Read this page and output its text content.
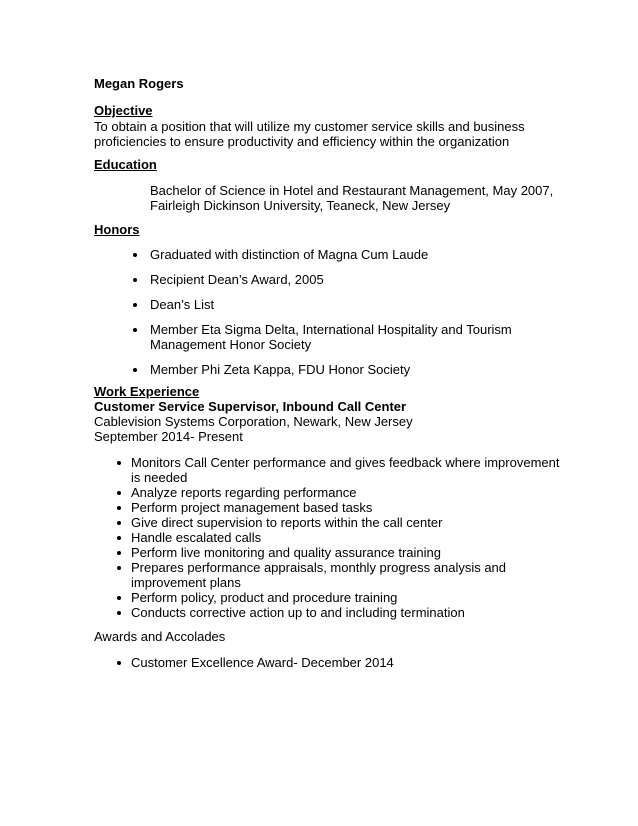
Megan Rogers
Objective
To obtain a position that will utilize my customer service skills and business
proficiencies to ensure productivity and efficiency within the organization
Education
Bachelor of Science in Hotel and Restaurant Management, May 2007,
Fairleigh Dickinson University, Teaneck, New Jersey
Honors
Graduated with distinction of Magna Cum Laude
Recipient Dean’s Award, 2005
Dean’s List
Member Eta Sigma Delta, International Hospitality and Tourism
Management Honor Society
Member Phi Zeta Kappa, FDU Honor Society
Work Experience
Customer Service Supervisor, Inbound Call Center
Cablevision Systems Corporation, Newark, New Jersey
September 2014- Present
Monitors Call Center performance and gives feedback where improvement
is needed
Analyze reports regarding performance
Perform project management based tasks
Give direct supervision to reports within the call center
Handle escalated calls
Perform live monitoring and quality assurance training
Prepares performance appraisals, monthly progress analysis and
improvement plans
Perform policy, product and procedure training
Conducts corrective action up to and including termination
Awards and Accolades
Customer Excellence Award- December 2014
